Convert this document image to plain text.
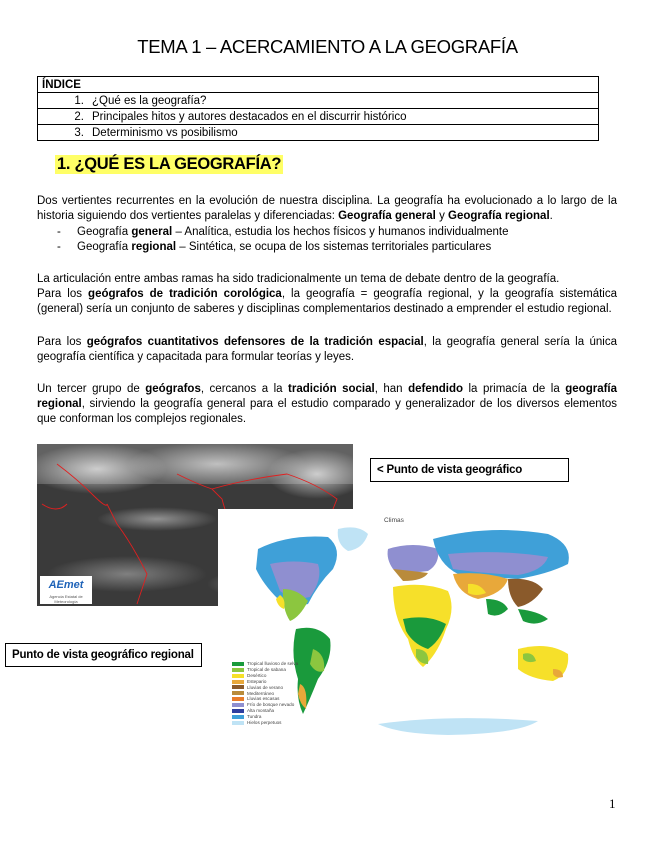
TEMA 1 – ACERCAMIENTO A LA GEOGRAFÍA
ÍNDICE	
1.	¿Qué es la geografía?
2.	Principales hitos y autores destacados en el discurrir histórico
3.	Determinismo vs posibilismo
1. ¿QUÉ ES LA GEOGRAFÍA?
Dos vertientes recurrentes en la evolución de nuestra disciplina. La geografía ha evolucionado a lo largo de la historia siguiendo dos vertientes paralelas y diferenciadas: Geografía general y Geografía regional.
- Geografía general – Analítica, estudia los hechos físicos y humanos individualmente
- Geografía regional – Sintética, se ocupa de los sistemas territoriales particulares
La articulación entre ambas ramas ha sido tradicionalmente un tema de debate dentro de la geografía.
Para los geógrafos de tradición corológica, la geografía = geografía regional, y la geografía sistemática (general) sería un conjunto de saberes y disciplinas complementarios destinado a emprender el estudio regional.
Para los geógrafos cuantitativos defensores de la tradición espacial, la geografía general sería la única geografía científica y capacitada para formular teorías y leyes.
Un tercer grupo de geógrafos, cercanos a la tradición social, han defendido la primacía de la geografía regional, sirviendo la geografía general para el estudio comparado y generalizador de los diversos elementos que conforman los complejos regionales.
AEmet
Agencia Estatal de Meteorología
< Punto de vista geográfico
Climas
Tropical lluvioso de selva
Tropical de sabana
Desértico
Estepario
Lluvias de verano
Mediterráneo
Lluvias escasas
Frío de bosque nevado
Alta montaña
Tundra
Hielos perpetuos
Punto de vista geográfico regional
1
